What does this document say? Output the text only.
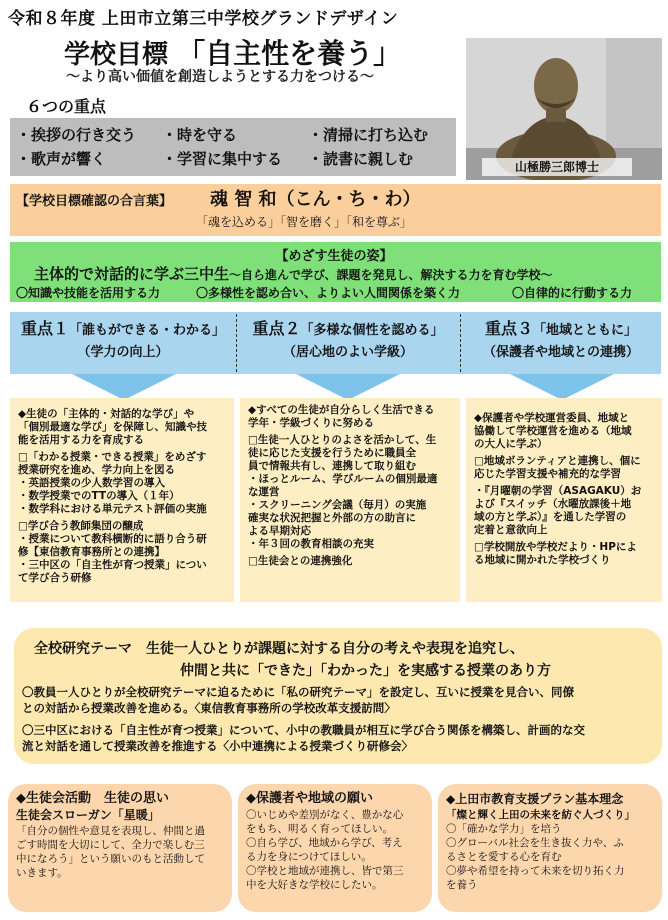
令和８年度 上田市立第三中学校グランドデザイン
学校目標 「自主性を養う」
～より高い価値を創造しようとする力をつける～
６つの重点
・挨拶の行き交う ・時を守る	・清掃に打ち込む
・歌声が響く	・学習に集中する ・読書に親しむ	山極勝三郎博士
【学校目標確認の合言葉】 魂 智 和（こん・ち・わ）
「魂を込める」「智を磨く」「和を尊ぶ」
【めざす生徒の姿】
主体的で対話的に学ぶ三中生～自ら進んで学び、課題を発見し、解決する力を育む学校～
〇知識や技能を活用する力	〇多様性を認め合い、よりよい人間関係を築く力	〇自律的に行動する力
重点１「誰もができる・わかる」
（学力の向上）
重点２「多様な個性を認める」
（居心地のよい学級）
重点３「地域とともに」
（保護者や地域との連携）

◆生徒の「主体的・対話的な学び」や
「個別最適な学び」を保障し、知識や技
能を活用する力を育成する

□「わかる授業・できる授業」をめざす
授業研究を進め、学力向上を図る
・英語授業の少人数学習の導入
・数学授業でのTTの導入（１年）
・数学科における単元テスト評価の実施

□学び合う教師集団の醸成
・授業について教科横断的に語り合う研
修【東信教育事務所との連携】
・三中区の「自主性が育つ授業」につい
て学び合う研修

◆すべての生徒が自分らしく生活できる
学年・学級づくりに努める

□生徒一人ひとりのよさを活かして、生
徒に応じた支援を行うために職員全
員で情報共有し、連携して取り組む
・ほっとルーム、学びルームの個別最適
な運営
・スクリーニング会議（毎月）の実施
確実な状況把握と外部の方の助言に
よる早期対応
・年３回の教育相談の充実

□生徒会との連携強化

◆保護者や学校運営委員、地域と
協働して学校運営を進める（地域
の大人に学ぶ）

□地域ボランティアと連携し、個に
応じた学習支援や補充的な学習

・『月曜朝の学習（ASAGAKU）お
よび『スイッチ（水曜放課後＋地
域の方と学ぶ）』を通した学習の
定着と意欲向上

□学校開放や学校だより・HPによ
る地域に開かれた学校づくり

全校研究テーマ　生徒一人ひとりが課題に対する自分の考えや表現を追究し、
仲間と共に「できた」「わかった」を実感する授業のあり方
〇教員一人ひとりが全校研究テーマに迫るために「私の研究テーマ」を設定し、互いに授業を見合い、同僚
との対話から授業改善を進める。〈東信教育事務所の学校改革支援訪問〉
〇三中区における「自主性が育つ授業」について、小中の教職員が相互に学び合う関係を構築し、計画的な交
流と対話を通して授業改善を推進する〈小中連携による授業づくり研修会〉
◆生徒会活動　生徒の思い
生徒会スローガン「星暖」
「自分の個性や意見を表現し、仲間と過
ごす時間を大切にして、全力で楽しむ三
中になろう」という願いのもと活動して
いきます。
◆保護者や地域の願い
〇いじめや差別がなく、豊かな心
をもち、明るく育ってほしい。
〇自ら学び、地域から学び、考え
る力を身につけてほしい。
〇学校と地域が連携し、皆で第三
中を大好きな学校にしたい。
◆上田市教育支援プラン基本理念
「燦と輝く上田の未来を紡ぐ人づくり」
〇「確かな学力」を培う
〇グローバル社会を生き抜く力や、ふ
るさとを愛する心を育む
〇夢や希望を持って未来を切り拓く力
を養う
